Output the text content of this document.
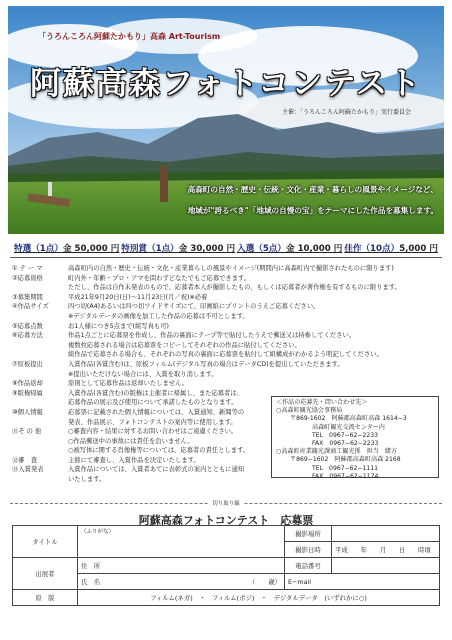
「うろんころん阿蘇たかもり」高森 Art-Tourism
阿蘇高森フォトコンテスト
主催：「うろんころん阿蘇たかもり」実行委員会
高森町の自然・歴史・伝統・文化・産業・暮らしの風景やイメージなど、
地域が"誇るべき"「地域の自慢の宝」をテーマにした作品を募集します。
特選（1点）金 50,000 円 特別賞（1点）金 30,000 円 入選（5点）金 10,000 円 佳作（10点）5,000 円
① テ ー マ	高森町内の自然・歴史・伝統・文化・産業暮らしの風景やイメージ(期間内に高森町内で撮影されたものに限ります)
②応募資格	町内外・年齢・プロ・アマを問わずどなたでもご応募できます。
ただし、作品は自作未発表のもので、応募者本人が撮影したもの、もしくは応募者が著作権を有するものに限ります。
③募集期間	平成21年9月20日(日)～11月23日(月／祝)※必着
④作品サイズ	四つ切(A4)あるいは四つ切ワイドサイズにて、印画紙にプリントのうえご応募ください。
※デジタルデータの画像を加工した作品の応募は不可とします。
⑤応募点数	お1人様につき5点まで(組写真も可)
⑥応募方法	作品1点ごとに応募票を作成し、作品の裏面にテープ等で貼付したうえで郵送又は持参してください。
複数枚応募される場合は応募票をコピーしてそれぞれの作品に貼付してください。
組作品で応募される場合も、それぞれの写真の裏面に応募票を貼付して組構成がわかるよう明記してください。
⑦原板提出	入賞作品(各賞含む)は、原板フィルム(デジタル写真の場合はデータCD)を提出していただきます。
※提出いただけない場合には、入賞を取り消します。
⑧作品返却	原則として応募作品は返却いたしません。
⑨版権帰属	入賞作品(各賞含む)の版権は主催者に帰属し、また応募者は、
応募作品の展示及び使用について承諾したものとなります。
⑩個人情報	応募票に記載された個人情報については、入賞通知、新聞等の
発表、作品展示、フォトコンテストの案内等に使用します。
⑪そ の 他	○審査内容・結果に対するお問い合わせはご遠慮ください。
○作品郵送中の事故には責任を負いません。
○被写体に関する肖像権等については、応募者の責任とします。
⑫審　査	主催にて審査し、入賞作品を決定いたします。
⑬入賞発表	入賞作品については、入賞者あてに表彰式の案内とともに通知
いたします。
＜作品の応募先・問い合わせ先＞
○高森町観光協会事務局
〒869-1602　阿蘇郡高森町高森 1614−3
高森町観光交流センター内
TEL　0967−62−2233
FAX　0967−62−2233
○高森町産業観光課商工観光係　担当　緒方
〒869−1602　阿蘇郡高森町高森 2168
TEL　0967−62−1111
FAX　0967−62−1174
切り取り線
阿蘇高森フォトコンテスト　応募票
タイトル	（ふりがな）	撮影場所	
		撮影日時	平成　　年　　月　　日　　時頃
出展者	住　所	電話番号	
	氏　名 （　　歳）	E−mail	
原　版	フィルム(ネガ)　・　フィルム(ポジ)　・　デジタルデータ　(いずれかに○)		
